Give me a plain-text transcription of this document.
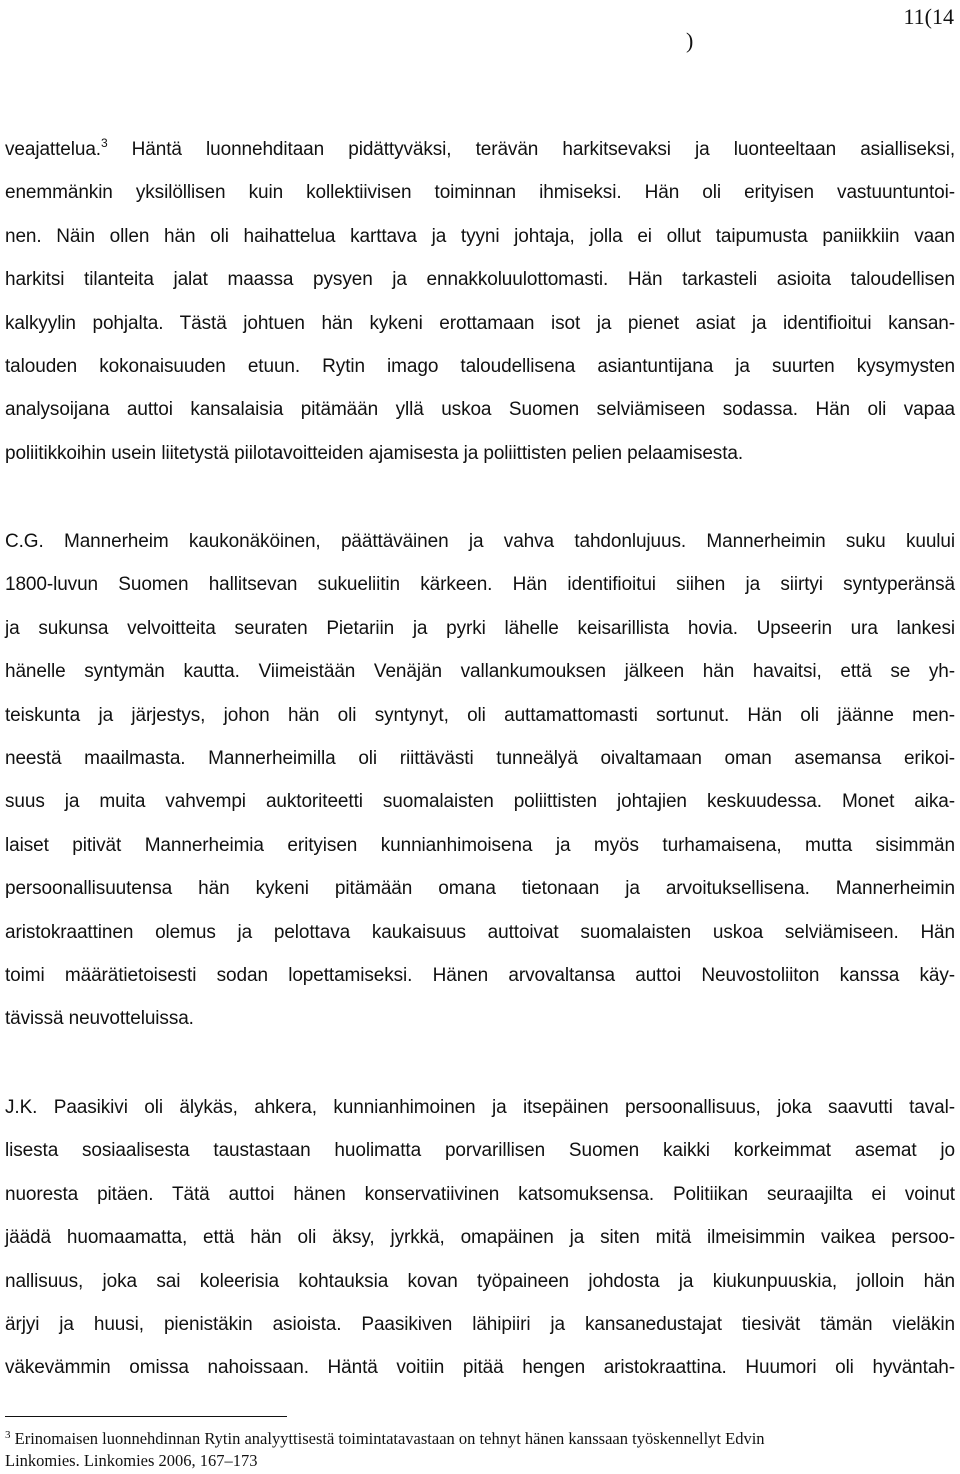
11(14
)
veajattelua.$^3$ Häntä luonnehditaan pidättyväksi, terävän harkitsevaksi ja luonteeltaan asialliseksi,
enemmänkin yksilöllisen kuin kollektiivisen toiminnan ihmiseksi. Hän oli erityisen vastuuntuntoi-
nen. Näin ollen hän oli haihattelua karttava ja tyyni johtaja, jolla ei ollut taipumusta paniikkiin vaan
harkitsi tilanteita jalat maassa pysyen ja ennakkoluulottomasti. Hän tarkasteli asioita taloudellisen
kalkyylin pohjalta. Tästä johtuen hän kykeni erottamaan isot ja pienet asiat ja identifioitui kansan-
talouden kokonaisuuden etuun. Rytin imago taloudellisena asiantuntijana ja suurten kysymysten
analysoijana auttoi kansalaisia pitämään yllä uskoa Suomen selviämiseen sodassa. Hän oli vapaa
poliitikkoihin usein liitetystä piilotavoitteiden ajamisesta ja poliittisten pelien pelaamisesta.
C.G. Mannerheim kaukonäköinen, päättäväinen ja vahva tahdonlujuus. Mannerheimin suku kuului
1800-luvun Suomen hallitsevan sukueliitin kärkeen. Hän identifioitui siihen ja siirtyi syntyperänsä
ja sukunsa velvoitteita seuraten Pietariin ja pyrki lähelle keisarillista hovia. Upseerin ura lankesi
hänelle syntymän kautta. Viimeistään Venäjän vallankumouksen jälkeen hän havaitsi, että se yh-
teiskunta ja järjestys, johon hän oli syntynyt, oli auttamattomasti sortunut. Hän oli jäänne men-
neestä maailmasta. Mannerheimilla oli riittävästi tunneälyä oivaltamaan oman asemansa erikoi-
suus ja muita vahvempi auktoriteetti suomalaisten poliittisten johtajien keskuudessa. Monet aika-
laiset pitivät Mannerheimia erityisen kunnianhimoisena ja myös turhamaisena, mutta sisimmän
persoonallisuutensa hän kykeni pitämään omana tietonaan ja arvoituksellisena. Mannerheimin
aristokraattinen olemus ja pelottava kaukaisuus auttoivat suomalaisten uskoa selviämiseen. Hän
toimi määrätietoisesti sodan lopettamiseksi. Hänen arvovaltansa auttoi Neuvostoliiton kanssa käy-
tävissä neuvotteluissa.
J.K. Paasikivi oli älykäs, ahkera, kunnianhimoinen ja itsepäinen persoonallisuus, joka saavutti taval-
lisesta sosiaalisesta taustastaan huolimatta porvarillisen Suomen kaikki korkeimmat asemat jo
nuoresta pitäen. Tätä auttoi hänen konservatiivinen katsomuksensa. Politiikan seuraajilta ei voinut
jäädä huomaamatta, että hän oli äksy, jyrkkä, omapäinen ja siten mitä ilmeisimmin vaikea persoo-
nallisuus, joka sai koleerisia kohtauksia kovan työpaineen johdosta ja kiukunpuuskia, jolloin hän
ärjyi ja huusi, pienistäkin asioista. Paasikiven lähipiiri ja kansanedustajat tiesivät tämän vieläkin
väkevämmin omissa nahoissaan. Häntä voitiin pitää hengen aristokraattina. Huumori oli hyväntah-

$^3$ Erinomaisen luonnehdinnan Rytin analyyttisestä toimintatavastaan on tehnyt hänen kanssaan työskennellyt Edvin
Linkomies. Linkomies 2006, 167–173
